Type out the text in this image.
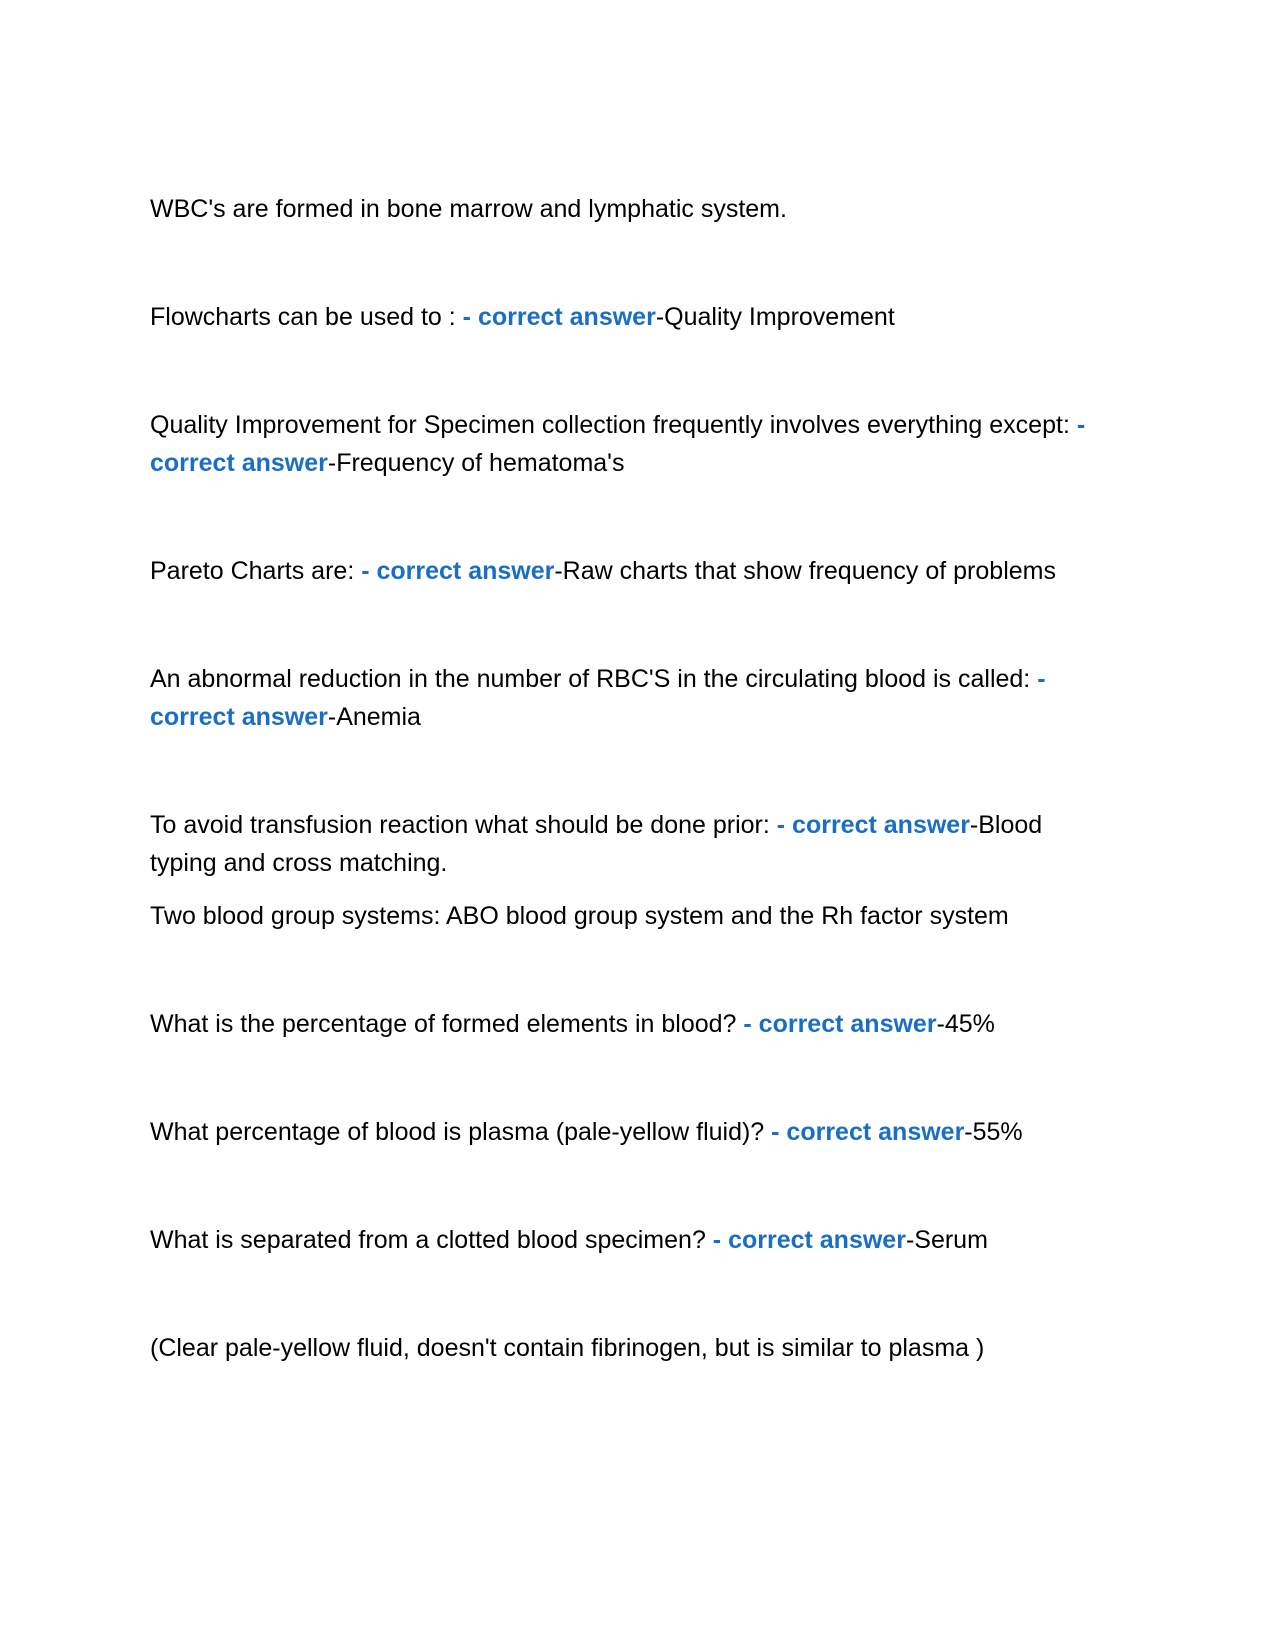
WBC's are formed in bone marrow and lymphatic system.

Flowcharts can be used to : - correct answer-Quality Improvement

Quality Improvement for Specimen collection frequently involves everything except: - correct answer-Frequency of hematoma's

Pareto Charts are: - correct answer-Raw charts that show frequency of problems

An abnormal reduction in the number of RBC'S in the circulating blood is called: - correct answer-Anemia

To avoid transfusion reaction what should be done prior: - correct answer-Blood typing and cross matching.

Two blood group systems: ABO blood group system and the Rh factor system

What is the percentage of formed elements in blood? - correct answer-45%

What percentage of blood is plasma (pale-yellow fluid)? - correct answer-55%

What is separated from a clotted blood specimen? - correct answer-Serum

(Clear pale-yellow fluid, doesn't contain fibrinogen, but is similar to plasma )
